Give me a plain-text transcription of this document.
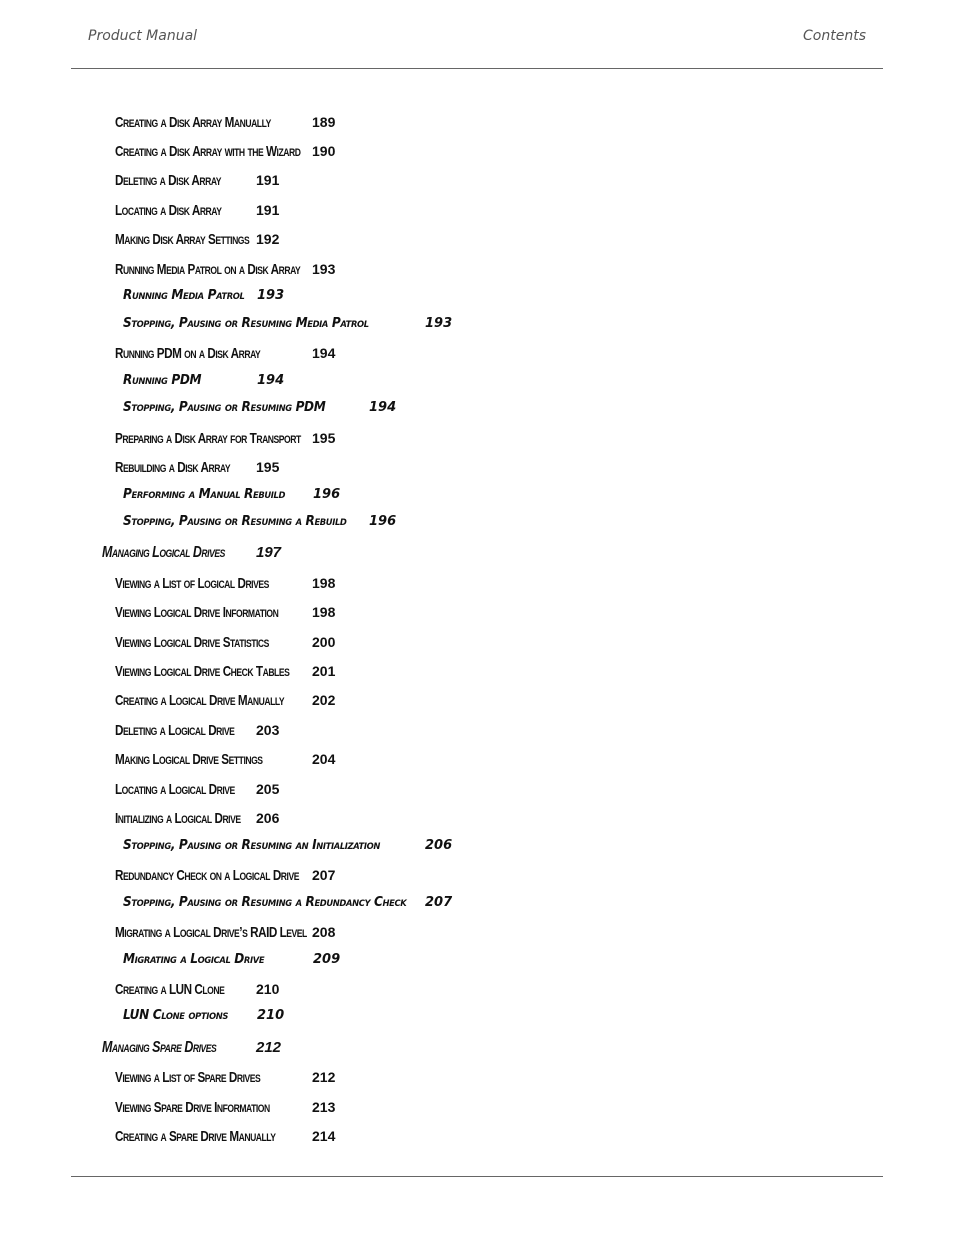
Product Manual	Contents
Creating a Disk Array Manually	189
Creating a Disk Array with the Wizard 190
Deleting a Disk Array 191
Locating a Disk Array 191
Making Disk Array Settings 192
Running Media Patrol on a Disk Array 193
Running Media Patrol 193
Stopping, Pausing or Resuming Media Patrol	193
Running PDM on a Disk Array	194
Running PDM	194
Stopping, Pausing or Resuming PDM	194
Preparing a Disk Array for Transport 195
Rebuilding a Disk Array 195
Performing a Manual Rebuild 196
Stopping, Pausing or Resuming a Rebuild 196
Managing Logical Drives 197
Viewing a List of Logical Drives	198
Viewing Logical Drive Information 198
Viewing Logical Drive Statistics	200
Viewing Logical Drive Check Tables 201
Creating a Logical Drive Manually 202
Deleting a Logical Drive 203
Making Logical Drive Settings	204
Locating a Logical Drive 205
Initializing a Logical Drive 206
Stopping, Pausing or Resuming an Initialization	206
Redundancy Check on a Logical Drive 207
Stopping, Pausing or Resuming a Redundancy Check 207
Migrating a Logical Drive’s RAID Level 208
Migrating a Logical Drive	209
Creating a LUN Clone 210
LUN Clone options 210
Managing Spare Drives	212
Viewing a List of Spare Drives	212
Viewing Spare Drive Information	213
Creating a Spare Drive Manually	214
